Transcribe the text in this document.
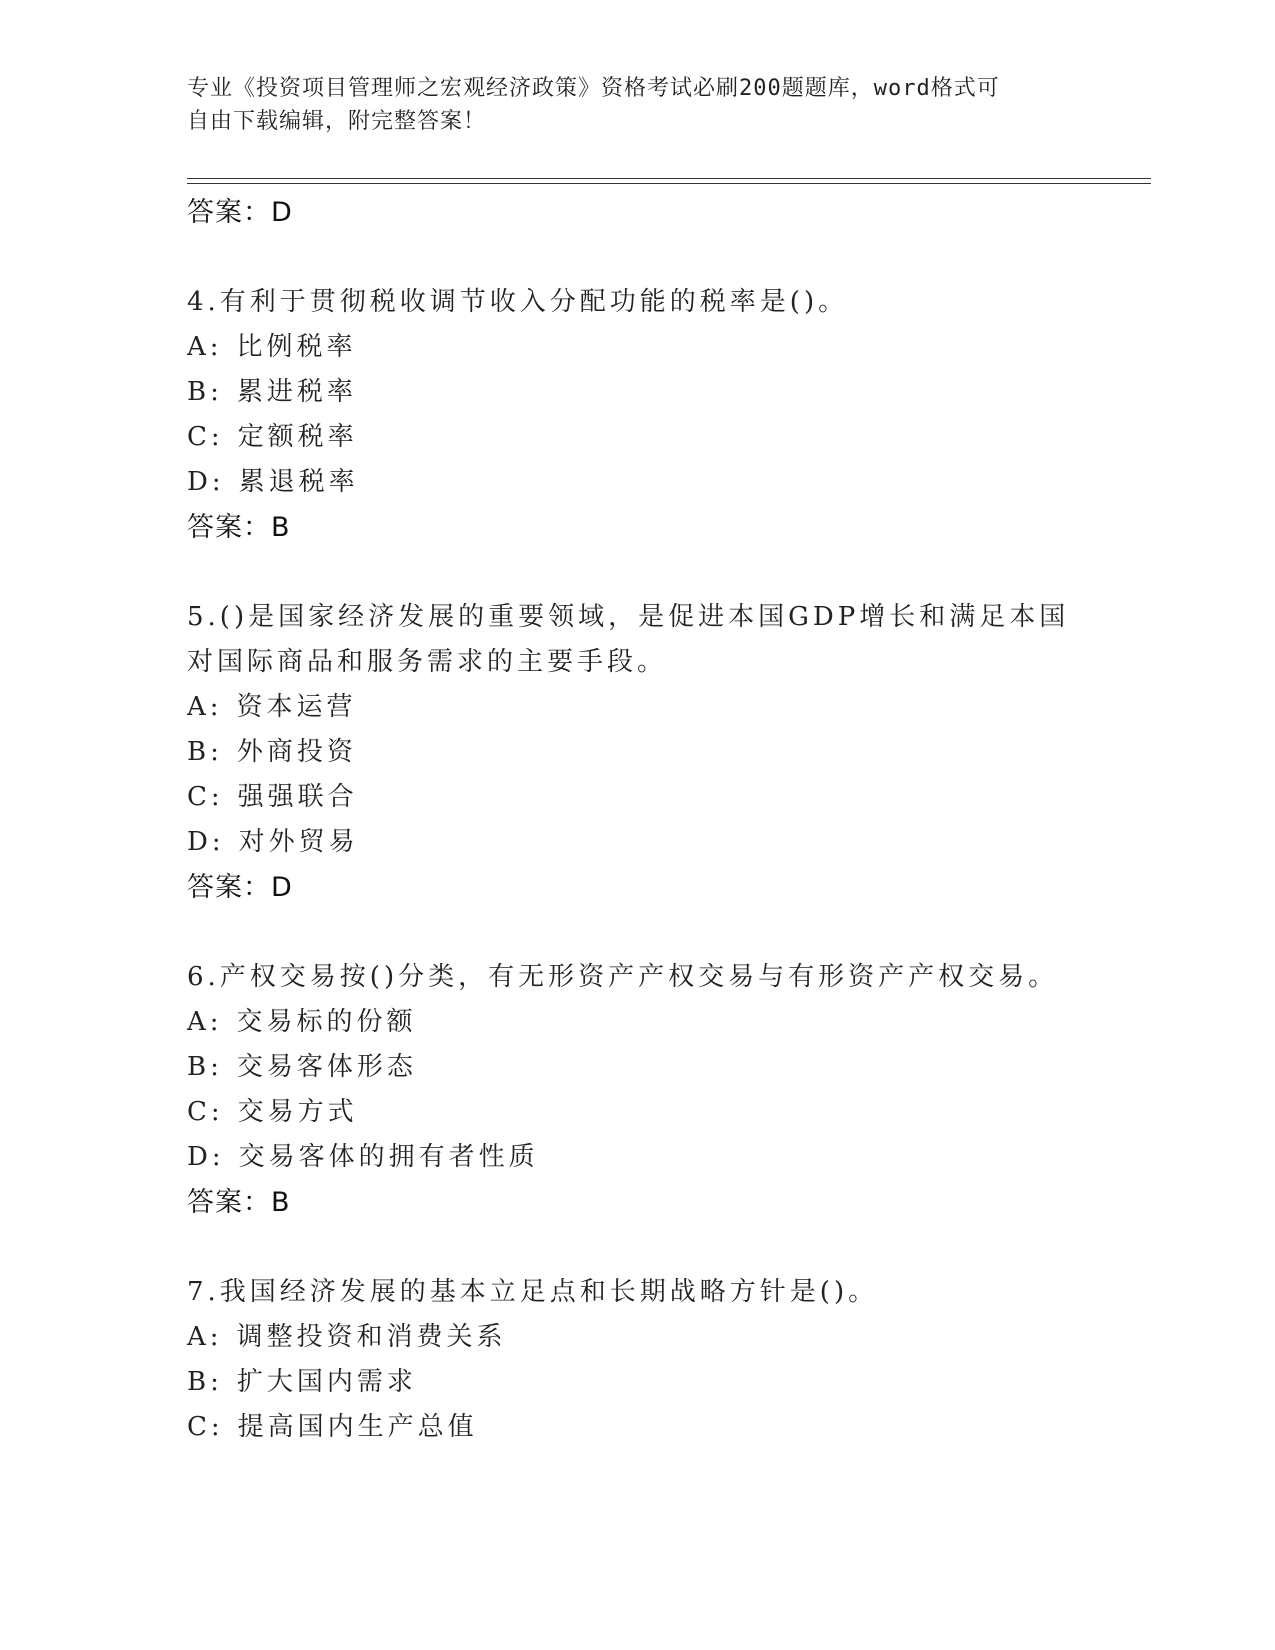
专业《投资项目管理师之宏观经济政策》资格考试必刷200题题库，word格式可
自由下载编辑，附完整答案！
答案：D
4.有利于贯彻税收调节收入分配功能的税率是()。
A: 比例税率
B: 累进税率
C: 定额税率
D: 累退税率
答案：B
5.()是国家经济发展的重要领域，是促进本国GDP增长和满足本国对国际商品和服务需求的主要手段。
A: 资本运营
B: 外商投资
C: 强强联合
D: 对外贸易
答案：D
6.产权交易按()分类，有无形资产产权交易与有形资产产权交易。
A: 交易标的份额
B: 交易客体形态
C: 交易方式
D: 交易客体的拥有者性质
答案：B
7.我国经济发展的基本立足点和长期战略方针是()。
A: 调整投资和消费关系
B: 扩大国内需求
C: 提高国内生产总值
